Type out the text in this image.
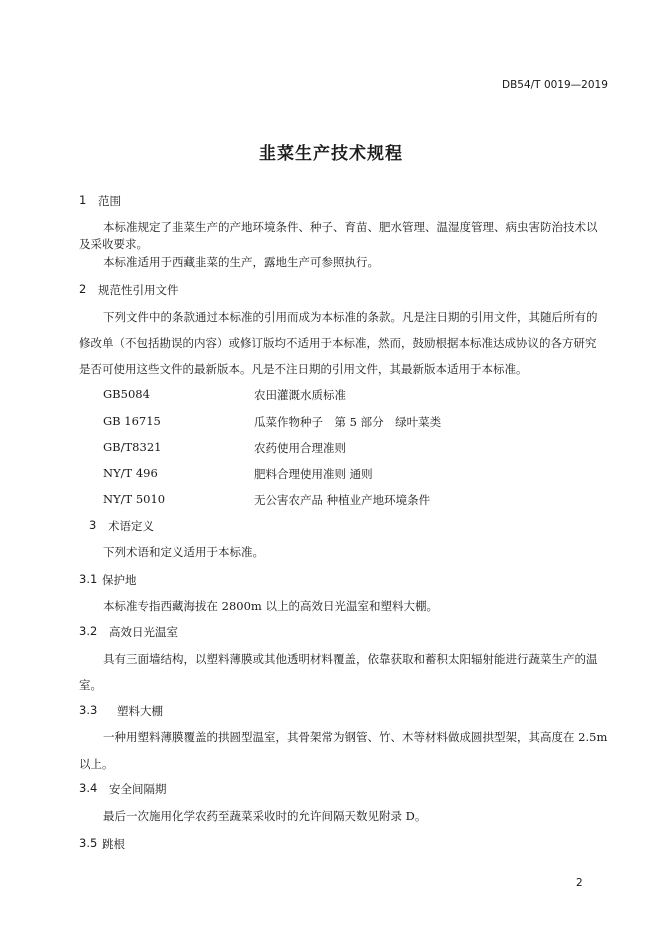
DB54/T 0019—2019
韭菜生产技术规程
1 范围
本标准规定了韭菜生产的产地环境条件、种子、育苗、肥水管理、温湿度管理、病虫害防治技术以
及采收要求。
本标准适用于西藏韭菜的生产，露地生产可参照执行。
2 规范性引用文件
下列文件中的条款通过本标准的引用而成为本标准的条款。凡是注日期的引用文件，其随后所有的
修改单（不包括勘误的内容）或修订版均不适用于本标准，然而，鼓励根据本标准达成协议的各方研究
是否可使用这些文件的最新版本。凡是不注日期的引用文件，其最新版本适用于本标准。
GB5084	农田灌溉水质标准
GB 16715	瓜菜作物种子　第 5 部分　绿叶菜类
GB/T8321	农药使用合理准则
NY/T 496	肥料合理使用准则 通则
NY/T 5010	无公害农产品 种植业产地环境条件
3 术语定义
下列术语和定义适用于本标准。
3.1 保护地
本标准专指西藏海拔在 2800m 以上的高效日光温室和塑料大棚。
3.2 高效日光温室
具有三面墙结构，以塑料薄膜或其他透明材料覆盖，依靠获取和蓄积太阳辐射能进行蔬菜生产的温
室。
3.3 塑料大棚
一种用塑料薄膜覆盖的拱圆型温室，其骨架常为钢管、竹、木等材料做成圆拱型架，其高度在 2.5m
以上。
3.4 安全间隔期
最后一次施用化学农药至蔬菜采收时的允许间隔天数见附录 D。
3.5 跳根
2
